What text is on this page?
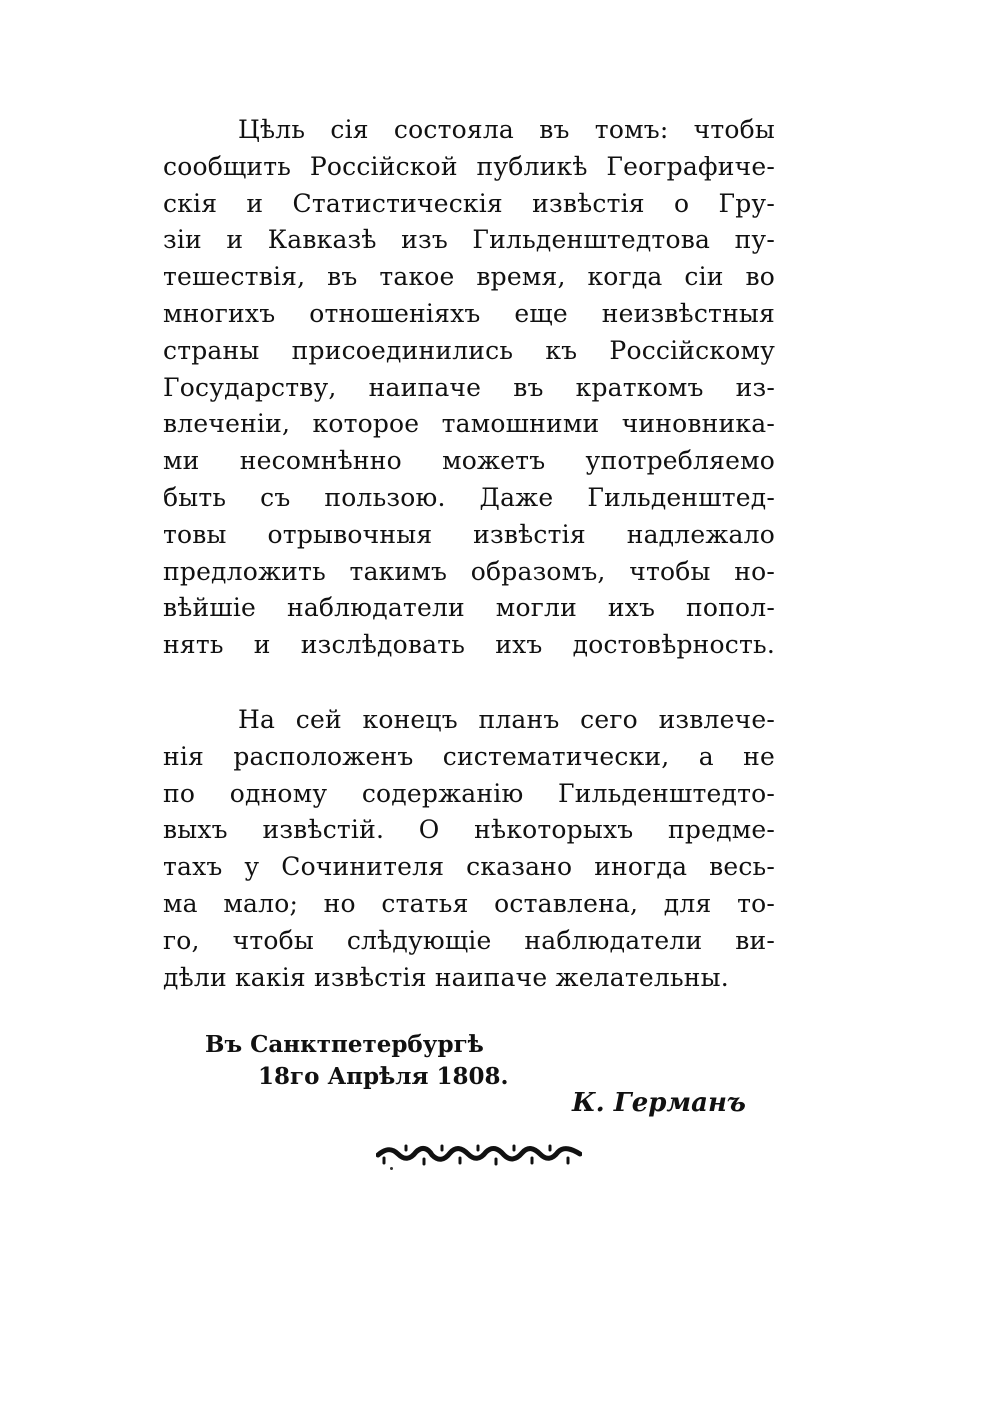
Цѣль сія состояла въ томъ: чтобы
сообщить Россійской публикѣ Географиче-
скія и Статистическія извѣстія о Гру-
зіи и Кавказѣ изъ Гильденштедтова пу-
тешествія, въ такое время, когда сіи во
многихъ отношеніяхъ еще неизвѣстныя
страны присоединились къ Россійскому
Государству, наипаче въ краткомъ из-
влеченіи, которое тамошними чиновника-
ми несомнѣнно можетъ употребляемо
быть съ пользою. Даже Гильденштед-
товы отрывочныя извѣстія надлежало
предложить такимъ образомъ, чтобы но-
вѣйшіе наблюдатели могли ихъ попол-
нять и изслѣдовать ихъ достовѣрность.
На сей конецъ планъ сего извлече-
нія расположенъ систематически, а не
по одному содержанію Гильденштедто-
выхъ извѣстій. О нѣкоторыхъ предме-
тахъ у Сочинителя сказано иногда весь-
ма мало; но статья оставлена, для то-
го, чтобы слѣдующіе наблюдатели ви-
дѣли какія извѣстія наипаче желательны.
Въ Санктпетербургѣ
18го Апрѣля 1808.
К. Германъ
